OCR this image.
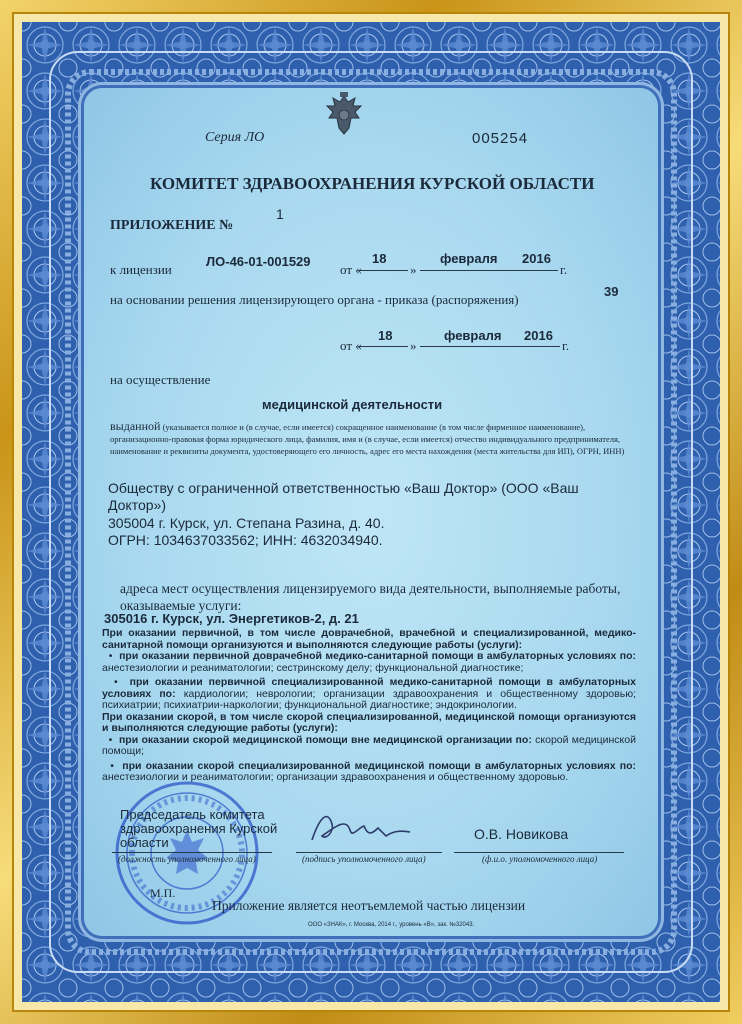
Серия ЛО	005254
КОМИТЕТ ЗДРАВООХРАНЕНИЯ КУРСКОЙ ОБЛАСТИ
ПРИЛОЖЕНИЕ №
1
к лицензии
ЛО-46-01-001529
от «
18
»
февраля 2016
г.
на основании решения лицензирующего органа - приказа (распоряжения)
39
от «
18
»
февраля 2016
г.
на осуществление
медицинской деятельности
выданной (указывается полное и (в случае, если имеется) сокращенное наименование (в том числе фирменное наименование), организационно-правовая форма юридического лица, фамилия, имя и (в случае, если имеется) отчество индивидуального предпринимателя, наименование и реквизиты документа, удостоверяющего его личность, адрес его места нахождения (места жительства для ИП), ОГРН, ИНН)
Обществу с ограниченной ответственностью «Ваш Доктор» (ООО «Ваш Доктор»)
305004 г. Курск, ул. Степана Разина, д. 40.
ОГРН: 1034637033562; ИНН: 4632034940.
адреса мест осуществления лицензируемого вида деятельности, выполняемые работы, оказываемые услуги:
305016 г. Курск, ул. Энергетиков-2, д. 21
При оказании первичной, в том числе доврачебной, врачебной и специализированной, медико-санитарной помощи организуются и выполняются следующие работы (услуги):
•  при оказании первичной доврачебной медико-санитарной помощи в амбулаторных условиях по: анестезиологии и реаниматологии; сестринскому делу; функциональной диагностике;
•  при оказании первичной специализированной медико-санитарной помощи в амбулаторных условиях по: кардиологии; неврологии; организации здравоохранения и общественному здоровью; психиатрии; психиатрии-наркологии; функциональной диагностике; эндокринологии.
При оказании скорой, в том числе скорой специализированной, медицинской помощи организуются и выполняются следующие работы (услуги):
•  при оказании скорой медицинской помощи вне медицинской организации по: скорой медицинской помощи;
•  при оказании скорой специализированной медицинской помощи в амбулаторных условиях по: анестезиологии и реаниматологии; организации здравоохранения и общественному здоровью.
Председатель комитета здравоохранения Курской области
(должность уполномоченного лица)	(подпись уполномоченного лица)
О.В. Новикова
(ф.и.о. уполномоченного лица)
М.П.
Приложение является неотъемлемой частью лицензии
ООО «ЗНАК», г. Москва, 2014 г., уровень «В», зак. №32043.
